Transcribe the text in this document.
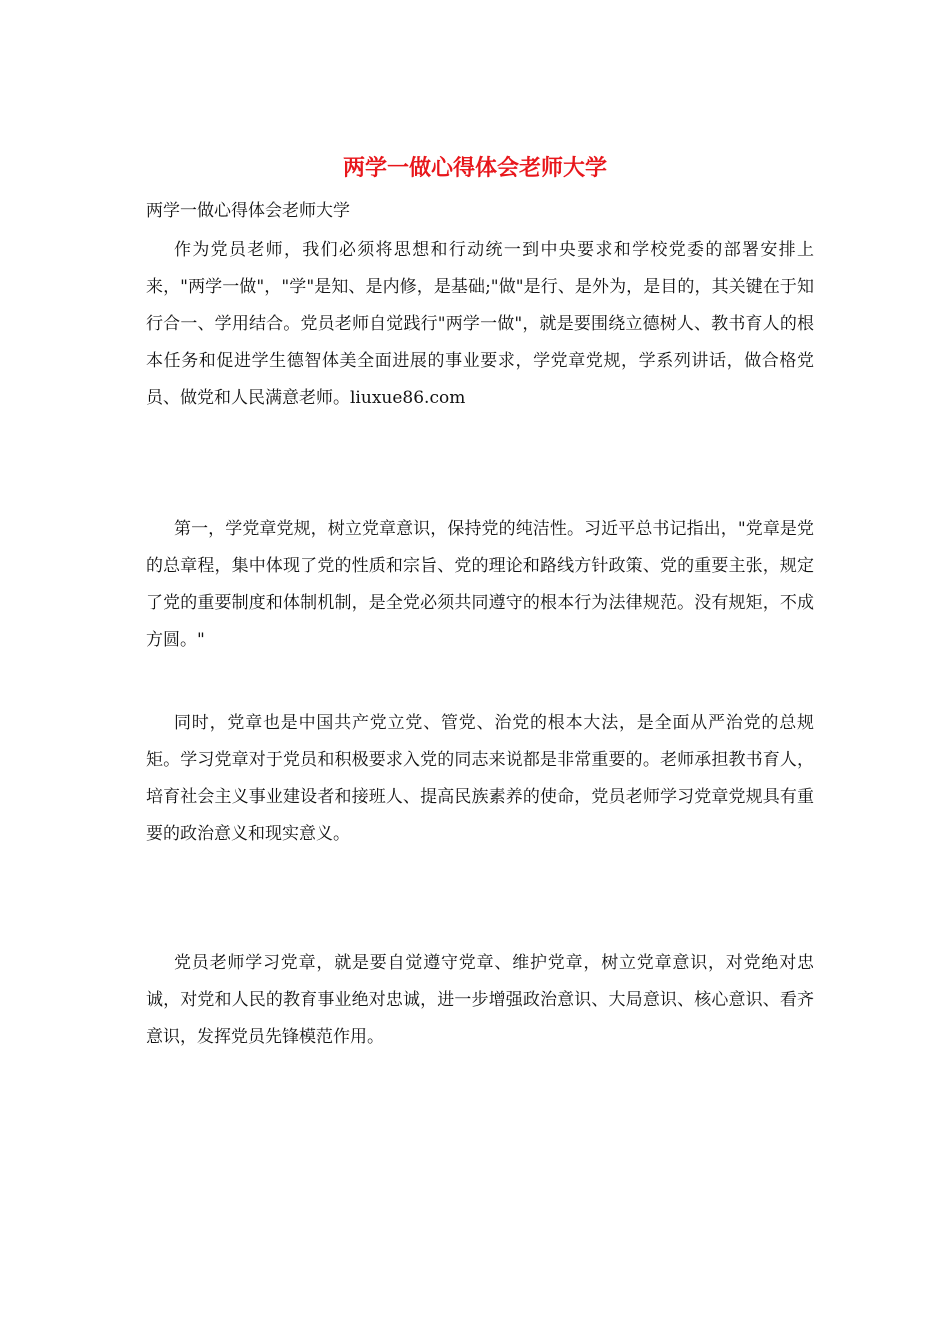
两学一做心得体会老师大学

两学一做心得体会老师大学

作为党员老师，我们必须将思想和行动统一到中央要求和学校党委的部署安排上来，"两学一做"，"学"是知、是内修，是基础;"做"是行、是外为，是目的，其关键在于知行合一、学用结合。党员老师自觉践行"两学一做"，就是要围绕立德树人、教书育人的根本任务和促进学生德智体美全面进展的事业要求，学党章党规，学系列讲话，做合格党员、做党和人民满意老师。liuxue86.com

第一，学党章党规，树立党章意识，保持党的纯洁性。习近平总书记指出，"党章是党的总章程，集中体现了党的性质和宗旨、党的理论和路线方针政策、党的重要主张，规定了党的重要制度和体制机制，是全党必须共同遵守的根本行为法律规范。没有规矩，不成方圆。"

同时，党章也是中国共产党立党、管党、治党的根本大法，是全面从严治党的总规矩。学习党章对于党员和积极要求入党的同志来说都是非常重要的。老师承担教书育人，培育社会主义事业建设者和接班人、提高民族素养的使命，党员老师学习党章党规具有重要的政治意义和现实意义。

党员老师学习党章，就是要自觉遵守党章、维护党章，树立党章意识，对党绝对忠诚，对党和人民的教育事业绝对忠诚，进一步增强政治意识、大局意识、核心意识、看齐意识，发挥党员先锋模范作用。
